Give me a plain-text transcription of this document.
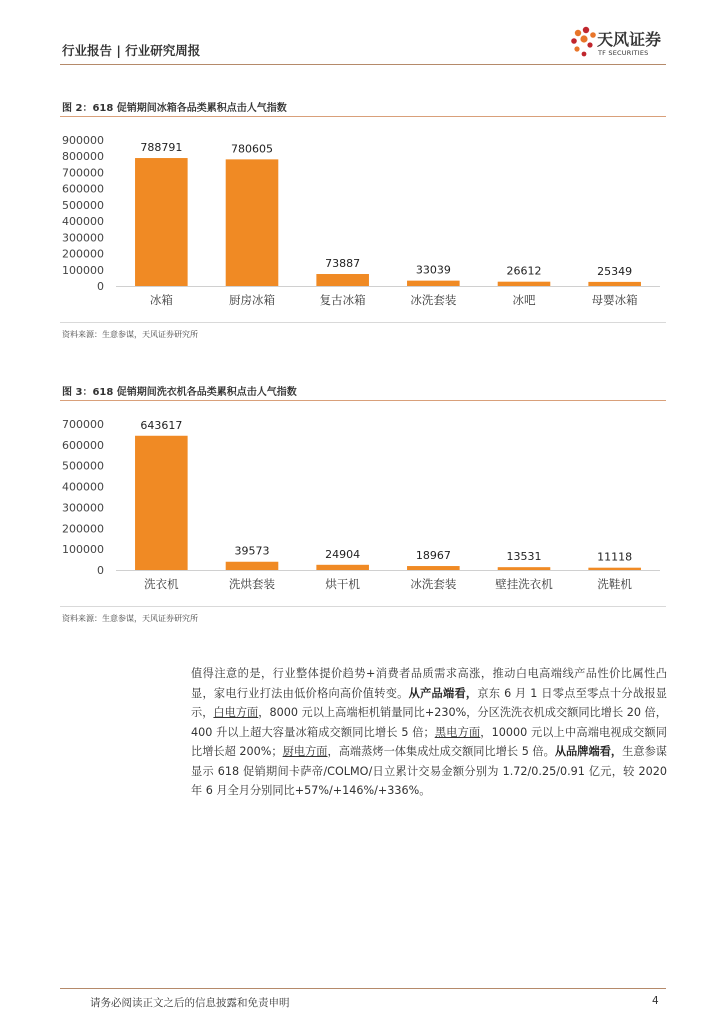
行业报告 | 行业研究周报
天风证券
TF SECURITIES
图 2：618 促销期间冰箱各品类累积点击人气指数
0
100000
200000
300000
400000
500000
600000
700000
800000
900000
788791
冰箱
780605
厨房冰箱
73887
复古冰箱
33039
冰洗套装
26612
冰吧
25349
母婴冰箱
资料来源：生意参谋，天风证券研究所
图 3：618 促销期间洗衣机各品类累积点击人气指数
0
100000
200000
300000
400000
500000
600000
700000	643617
洗衣机
39573
洗烘套装
24904
烘干机
18967
冰洗套装
13531
壁挂洗衣机
11118
洗鞋机
资料来源：生意参谋，天风证券研究所
值得注意的是，行业整体提价趋势+消费者品质需求高涨，推动白电高端线产品性价比属性凸显，家电行业打法由低价格向高价值转变。从产品端看，京东 6 月 1 日零点至零点十分战报显示，白电方面，8000 元以上高端柜机销量同比+230%，分区洗洗衣机成交额同比增长 20 倍，400 升以上超大容量冰箱成交额同比增长 5 倍；黑电方面，10000 元以上中高端电视成交额同比增长超 200%；厨电方面，高端蒸烤一体集成灶成交额同比增长 5 倍。从品牌端看，生意参谋显示 618 促销期间卡萨帝/COLMO/日立累计交易金额分别为 1.72/0.25/0.91 亿元，较 2020 年 6 月全月分别同比+57%/+146%/+336%。
请务必阅读正文之后的信息披露和免责申明	4
